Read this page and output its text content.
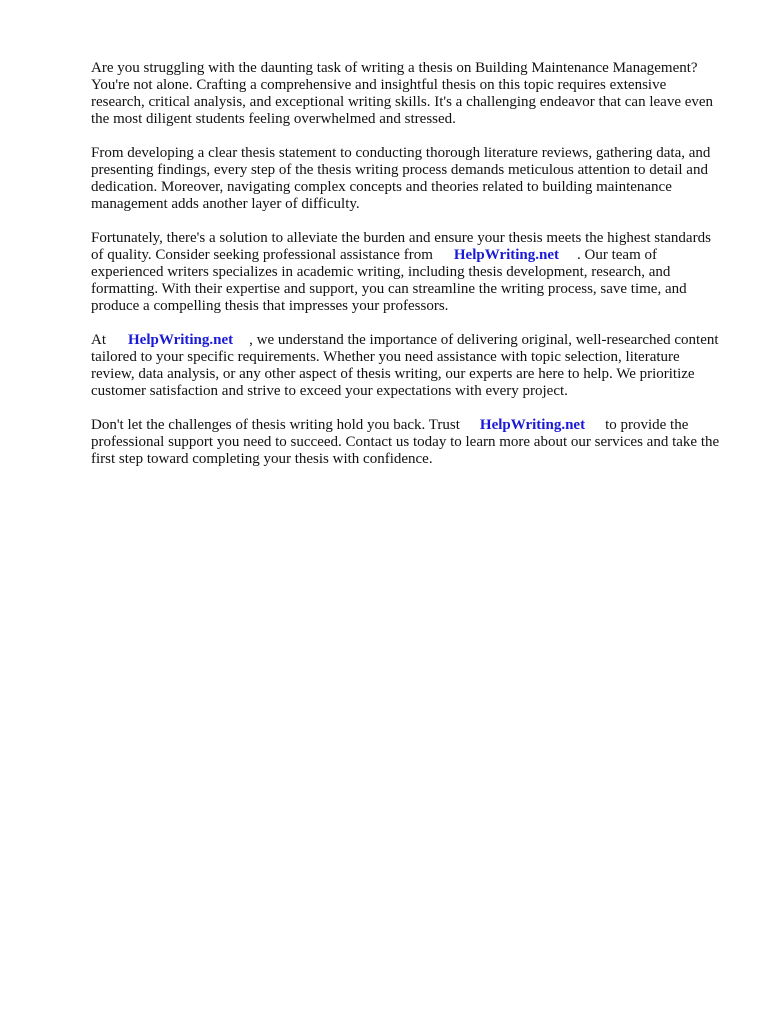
Are you struggling with the daunting task of writing a thesis on Building Maintenance Management? You're not alone. Crafting a comprehensive and insightful thesis on this topic requires extensive research, critical analysis, and exceptional writing skills. It's a challenging endeavor that can leave even the most diligent students feeling overwhelmed and stressed.

From developing a clear thesis statement to conducting thorough literature reviews, gathering data, and presenting findings, every step of the thesis writing process demands meticulous attention to detail and dedication. Moreover, navigating complex concepts and theories related to building maintenance management adds another layer of difficulty.

Fortunately, there's a solution to alleviate the burden and ensure your thesis meets the highest standards of quality. Consider seeking professional assistance from HelpWriting.net . Our team of experienced writers specializes in academic writing, including thesis development, research, and formatting. With their expertise and support, you can streamline the writing process, save time, and produce a compelling thesis that impresses your professors.

At HelpWriting.net , we understand the importance of delivering original, well-researched content tailored to your specific requirements. Whether you need assistance with topic selection, literature review, data analysis, or any other aspect of thesis writing, our experts are here to help. We prioritize customer satisfaction and strive to exceed your expectations with every project.

Don't let the challenges of thesis writing hold you back. Trust HelpWriting.net to provide the professional support you need to succeed. Contact us today to learn more about our services and take the first step toward completing your thesis with confidence.
